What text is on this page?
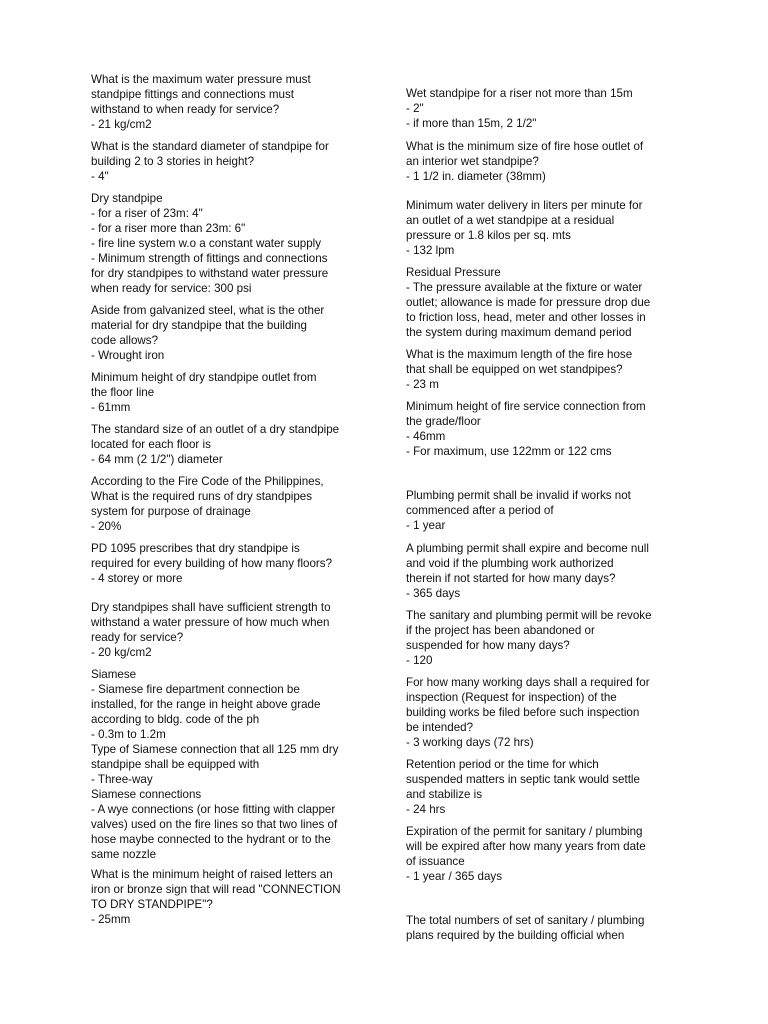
What is the maximum water pressure must
standpipe fittings and connections must
withstand to when ready for service?
- 21 kg/cm2
What is the standard diameter of standpipe for
building 2 to 3 stories in height?
- 4"
Dry standpipe
- for a riser of 23m: 4"
- for a riser more than 23m: 6"
- fire line system w.o a constant water supply
- Minimum strength of fittings and connections
for dry standpipes to withstand water pressure
when ready for service: 300 psi
Aside from galvanized steel, what is the other
material for dry standpipe that the building
code allows?
- Wrought iron
Minimum height of dry standpipe outlet from
the floor line
- 61mm
The standard size of an outlet of a dry standpipe
located for each floor is
- 64 mm (2 1/2") diameter
According to the Fire Code of the Philippines,
What is the required runs of dry standpipes
system for purpose of drainage
- 20%
PD 1095 prescribes that dry standpipe is
required for every building of how many floors?
- 4 storey or more
Dry standpipes shall have sufficient strength to
withstand a water pressure of how much when
ready for service?
- 20 kg/cm2
Siamese
- Siamese fire department connection be
installed, for the range in height above grade
according to bldg. code of the ph
- 0.3m to 1.2m
Type of Siamese connection that all 125 mm dry
standpipe shall be equipped with
- Three-way
Siamese connections
- A wye connections (or hose fitting with clapper
valves) used on the fire lines so that two lines of
hose maybe connected to the hydrant or to the
same nozzle
What is the minimum height of raised letters an
iron or bronze sign that will read "CONNECTION
TO DRY STANDPIPE"?
- 25mm
Wet standpipe for a riser not more than 15m
- 2"
- if more than 15m, 2 1/2"
What is the minimum size of fire hose outlet of
an interior wet standpipe?
- 1 1/2 in. diameter (38mm)
Minimum water delivery in liters per minute for
an outlet of a wet standpipe at a residual
pressure or 1.8 kilos per sq. mts
- 132 lpm
Residual Pressure
- The pressure available at the fixture or water
outlet; allowance is made for pressure drop due
to friction loss, head, meter and other losses in
the system during maximum demand period
What is the maximum length of the fire hose
that shall be equipped on wet standpipes?
- 23 m
Minimum height of fire service connection from
the grade/floor
- 46mm
- For maximum, use 122mm or 122 cms
Plumbing permit shall be invalid if works not
commenced after a period of
- 1 year
A plumbing permit shall expire and become null
and void if the plumbing work authorized
therein if not started for how many days?
- 365 days
The sanitary and plumbing permit will be revoke
if the project has been abandoned or
suspended for how many days?
- 120
For how many working days shall a required for
inspection (Request for inspection) of the
building works be filed before such inspection
be intended?
- 3 working days (72 hrs)
Retention period or the time for which
suspended matters in septic tank would settle
and stabilize is
- 24 hrs
Expiration of the permit for sanitary / plumbing
will be expired after how many years from date
of issuance
- 1 year / 365 days
The total numbers of set of sanitary / plumbing
plans required by the building official when
